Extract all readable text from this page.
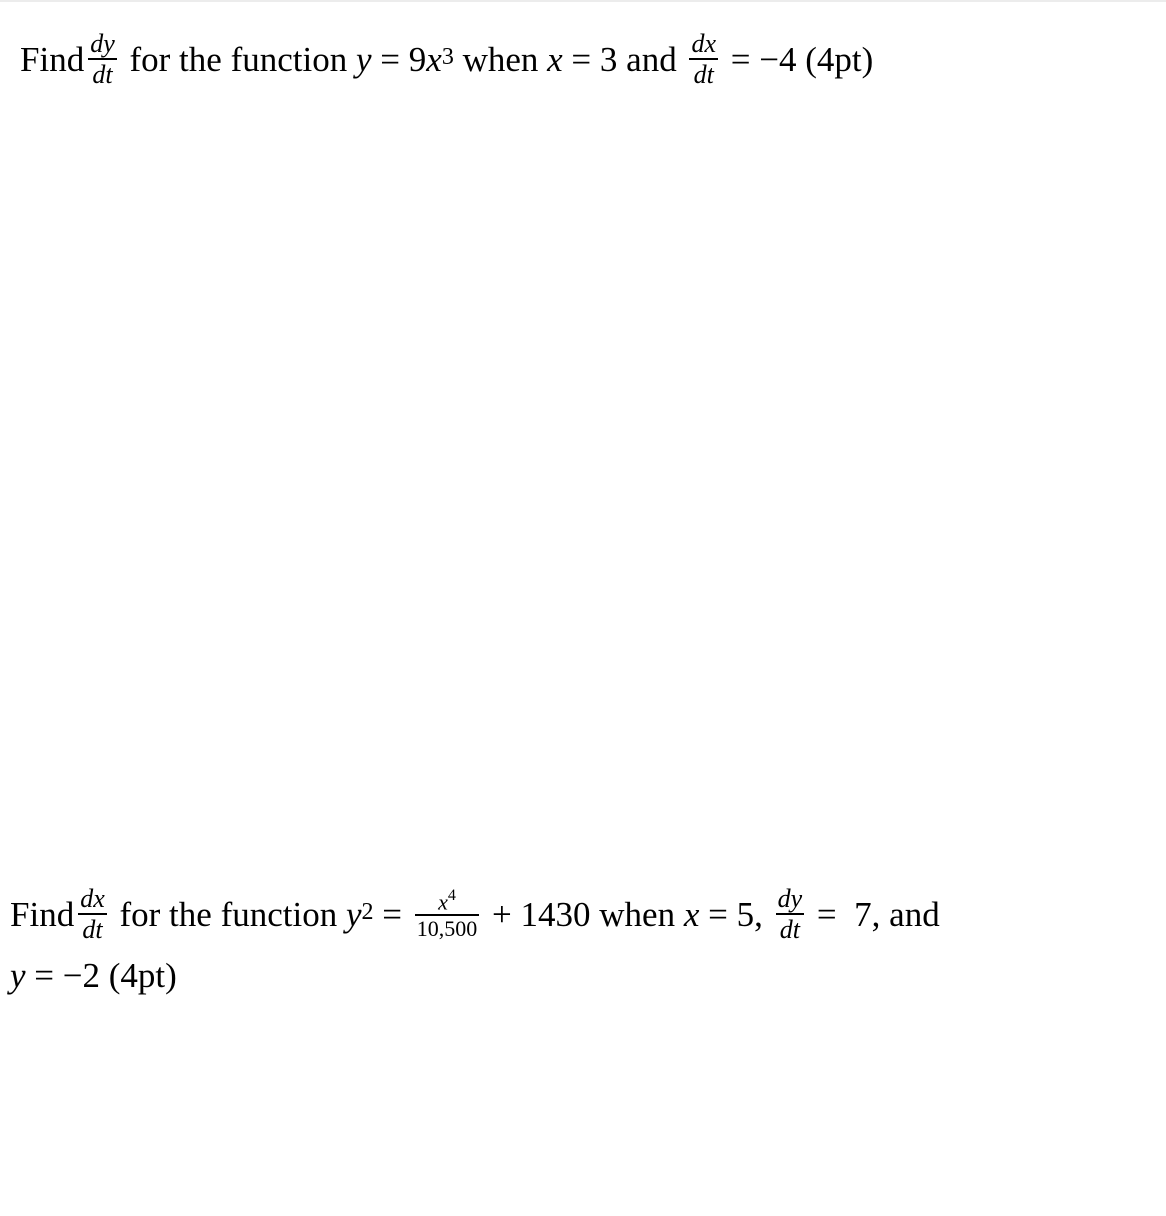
Find $\frac{dy}{dt}$ for the function y = 9 $x^3$ when x = 3 and $\frac{dx}{dt} = -4$ (4pt)
Find $\frac{dx}{dt}$ for the function $y^2 = \frac{x^4}{10,500} + 1430$ when x = 5, $\frac{dy}{dt} = 7$, and
y = −2 (4pt)
